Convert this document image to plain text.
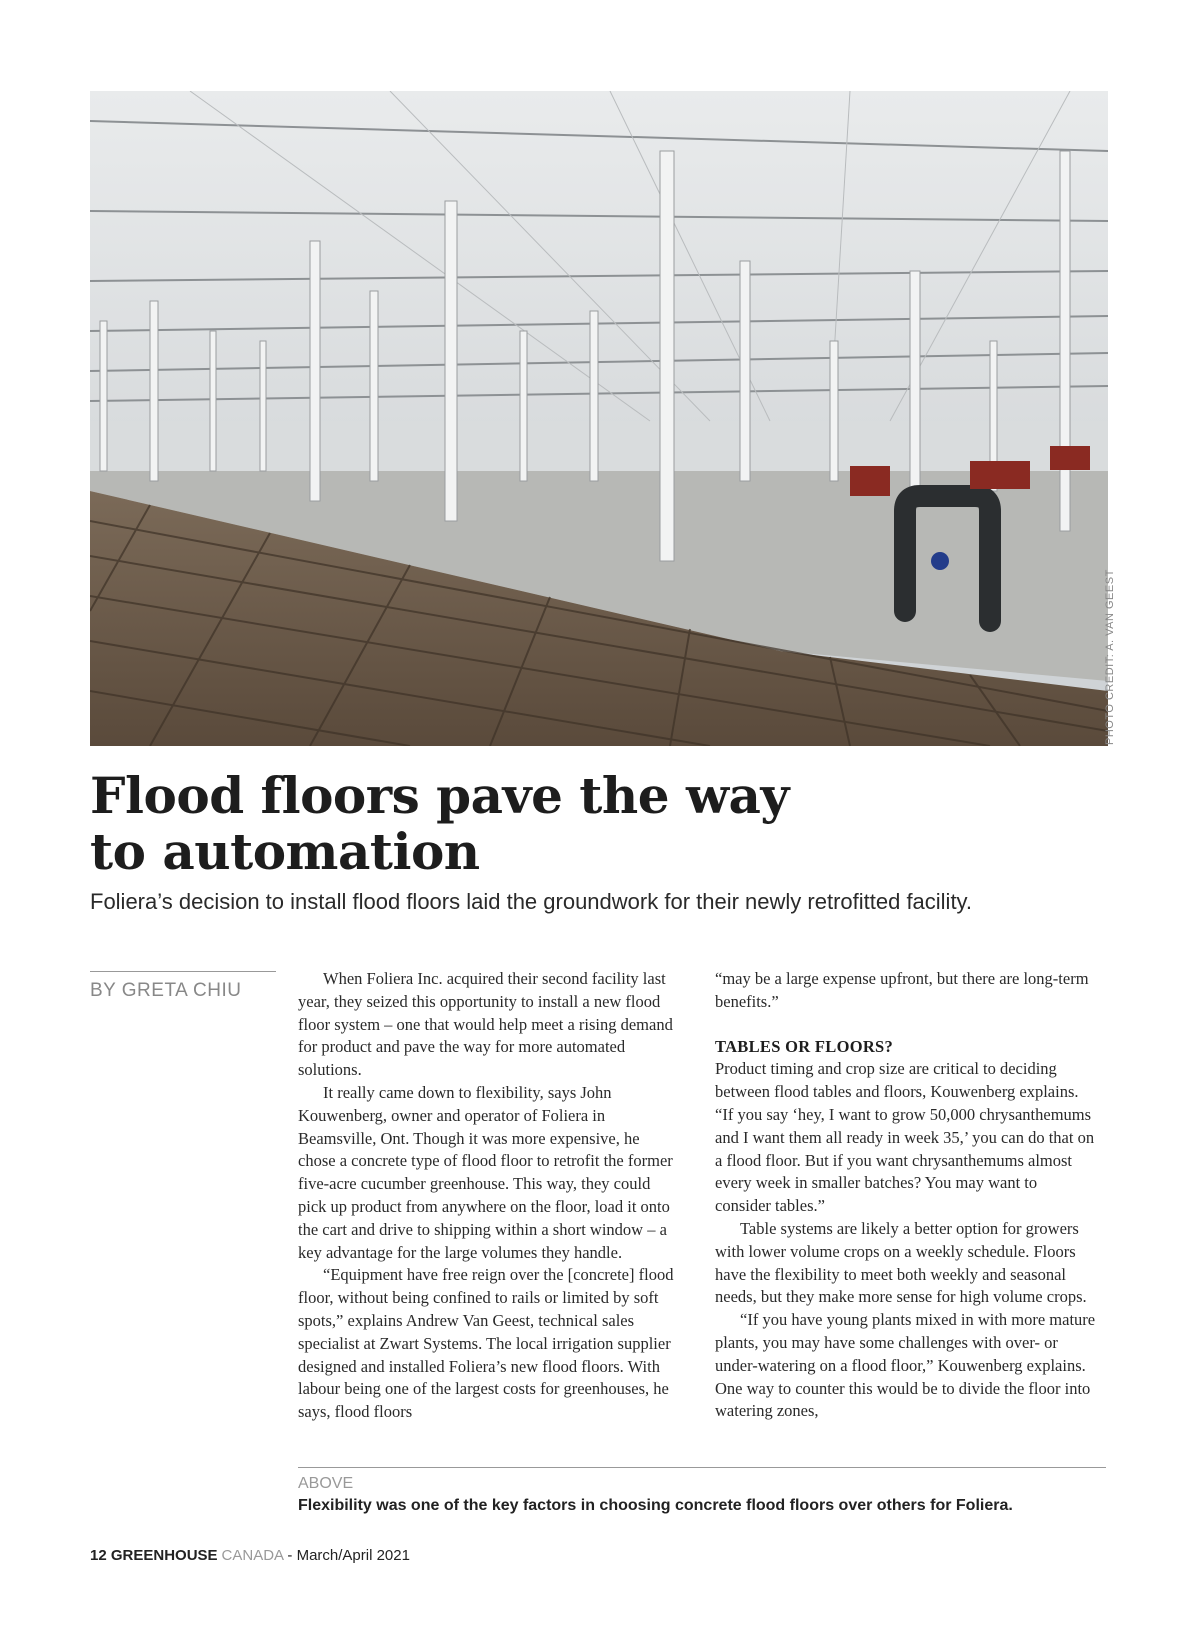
PHOTO CREDIT: A. VAN GEEST
Flood floors pave the way
to automation

Foliera’s decision to install flood floors laid the groundwork for their newly retrofitted facility.

BY GRETA CHIU

When Foliera Inc. acquired their second facility last year, they seized this opportunity to install a new flood floor system – one that would help meet a rising demand for product and pave the way for more automated solutions.

It really came down to flexibility, says John Kouwenberg, owner and operator of Foliera in Beamsville, Ont. Though it was more expensive, he chose a concrete type of flood floor to retrofit the former five-acre cucumber greenhouse. This way, they could pick up product from anywhere on the floor, load it onto the cart and drive to shipping within a short window – a key advantage for the large volumes they handle.

“Equipment have free reign over the [concrete] flood floor, without being confined to rails or limited by soft spots,” explains Andrew Van Geest, technical sales specialist at Zwart Systems. The local irrigation supplier designed and installed Foliera’s new flood floors. With labour being one of the largest costs for greenhouses, he says, flood floors

“may be a large expense upfront, but there are long-term benefits.”

TABLES OR FLOORS?

Product timing and crop size are critical to deciding between flood tables and floors, Kouwenberg explains. “If you say ‘hey, I want to grow 50,000 chrysanthemums and I want them all ready in week 35,’ you can do that on a flood floor. But if you want chrysanthemums almost every week in smaller batches? You may want to consider tables.”

Table systems are likely a better option for growers with lower volume crops on a weekly schedule. Floors have the flexibility to meet both weekly and seasonal needs, but they make more sense for high volume crops.

“If you have young plants mixed in with more mature plants, you may have some challenges with over- or under-watering on a flood floor,” Kouwenberg explains. One way to counter this would be to divide the floor into watering zones,

ABOVE
Flexibility was one of the key factors in choosing concrete flood floors over others for Foliera.
12 GREENHOUSE CANADA - March/April 2021
